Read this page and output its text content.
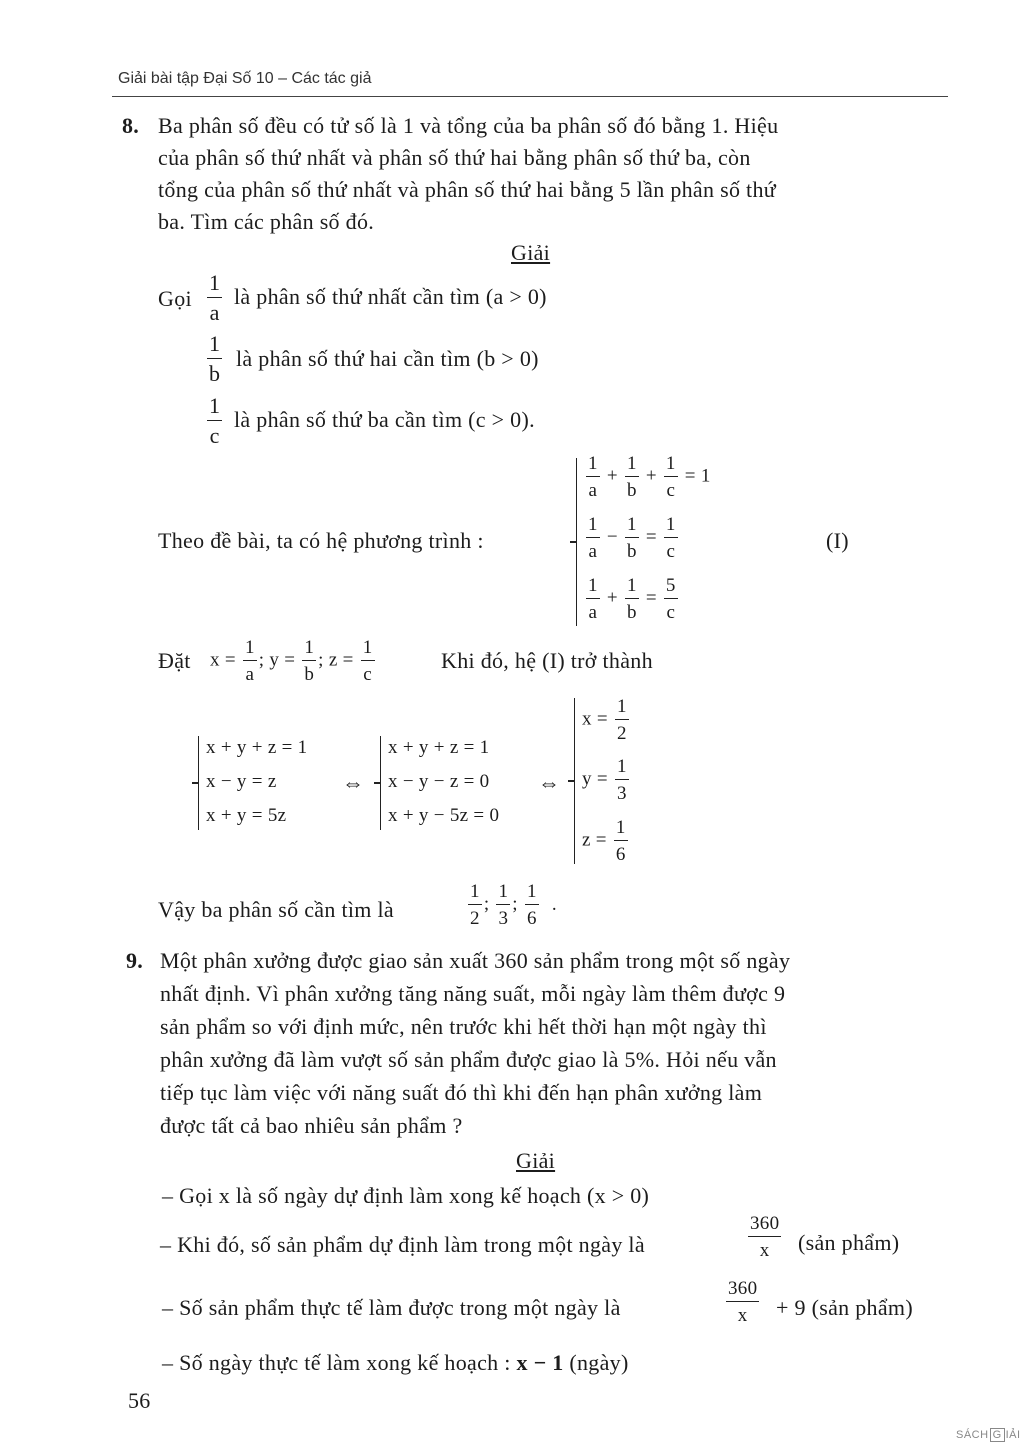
Giải bài tập Đại Số 10 – Các tác giả
8. Ba phân số đều có tử số là 1 và tổng của ba phân số đó bằng 1. Hiệu
của phân số thứ nhất và phân số thứ hai bằng phân số thứ ba, còn
tổng của phân số thứ nhất và phân số thứ hai bằng 5 lần phân số thứ
ba. Tìm các phân số đó.
Giải
Gọi $\frac{1}{a}$ là phân số thứ nhất cần tìm (a > 0)
$\frac{1}{b}$ là phân số thứ hai cần tìm (b > 0)
$\frac{1}{c}$ là phân số thứ ba cần tìm (c > 0).
Theo đề bài, ta có hệ phương trình :
$\frac{1}{a} + \frac{1}{b} + \frac{1}{c} = 1$
$\frac{1}{a} - \frac{1}{b} = \frac{1}{c}$
$\frac{1}{a} + \frac{1}{b} = \frac{5}{c}$
(I)
Đặt $x = \frac{1}{a}$ ; $y = \frac{1}{b}$ ; $z = \frac{1}{c}$	Khi đó, hệ (I) trở thành
x + y + z = 1
x − y = z
x + y = 5z
⇔
x + y + z = 1
x − y − z = 0
x + y − 5z = 0
⇔
$x = \frac{1}{2}$
$y = \frac{1}{3}$
$z = \frac{1}{6}$
Vậy ba phân số cần tìm là	$\frac{1}{2}$ ; $\frac{1}{3}$ ; $\frac{1}{6}$ .
9. Một phân xưởng được giao sản xuất 360 sản phẩm trong một số ngày
nhất định. Vì phân xưởng tăng năng suất, mỗi ngày làm thêm được 9
sản phẩm so với định mức, nên trước khi hết thời hạn một ngày thì
phân xưởng đã làm vượt số sản phẩm được giao là 5%. Hỏi nếu vẫn
tiếp tục làm việc với năng suất đó thì khi đến hạn phân xưởng làm
được tất cả bao nhiêu sản phẩm ?
Giải
– Gọi x là số ngày dự định làm xong kế hoạch (x > 0)
– Khi đó, số sản phẩm dự định làm trong một ngày là	$\frac{360}{x}$ (sản phẩm)
– Số sản phẩm thực tế làm được trong một ngày là	$\frac{360}{x} + 9$ (sản phẩm)
– Số ngày thực tế làm xong kế hoạch : x − 1 (ngày)
56
SÁCH G IẢI
